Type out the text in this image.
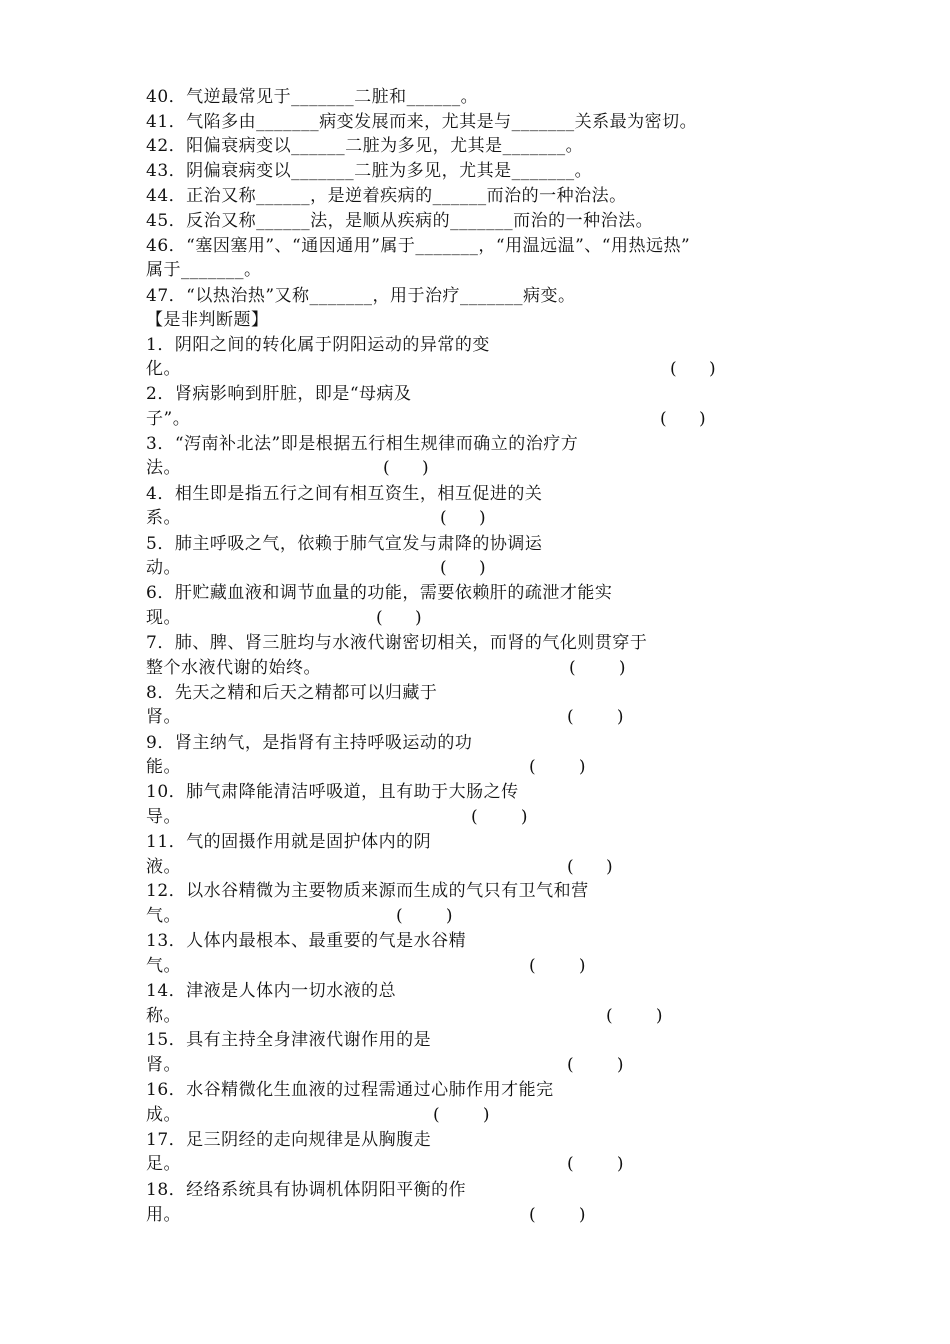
40．气逆最常见于_______二脏和______。
41．气陷多由_______病变发展而来，尤其是与_______关系最为密切。
42．阳偏衰病变以______二脏为多见，尤其是_______。
43．阴偏衰病变以_______二脏为多见，尤其是_______。
44．正治又称______，是逆着疾病的______而治的一种治法。
45．反治又称______法，是顺从疾病的_______而治的一种治法。
46．“塞因塞用”、“通因通用”属于_______，“用温远温”、“用热远热”
属于_______。
47．“以热治热”又称_______，用于治疗_______病变。
【是非判断题】
1．阴阳之间的转化属于阴阳运动的异常的变
化。	(      )
2．肾病影响到肝脏，即是“母病及
子”。	(      )
3．“泻南补北法”即是根据五行相生规律而确立的治疗方
法。	(      )
4．相生即是指五行之间有相互资生，相互促进的关
系。	(      )
5．肺主呼吸之气，依赖于肺气宣发与肃降的协调运
动。	(      )
6．肝贮藏血液和调节血量的功能，需要依赖肝的疏泄才能实
现。	(      )
7．肺、脾、肾三脏均与水液代谢密切相关，而肾的气化则贯穿于
整个水液代谢的始终。	(        )
8．先天之精和后天之精都可以归藏于
肾。	(        )
9．肾主纳气，是指肾有主持呼吸运动的功
能。	(        )
10．肺气肃降能清洁呼吸道，且有助于大肠之传
导。	(        )
11．气的固摄作用就是固护体内的阴
液。	(      )
12．以水谷精微为主要物质来源而生成的气只有卫气和营
气。	(        )
13．人体内最根本、最重要的气是水谷精
气。	(        )
14．津液是人体内一切水液的总
称。	(        )
15．具有主持全身津液代谢作用的是
肾。	(        )
16．水谷精微化生血液的过程需通过心肺作用才能完
成。	(        )
17．足三阴经的走向规律是从胸腹走
足。	(        )
18．经络系统具有协调机体阴阳平衡的作
用。	(        )
